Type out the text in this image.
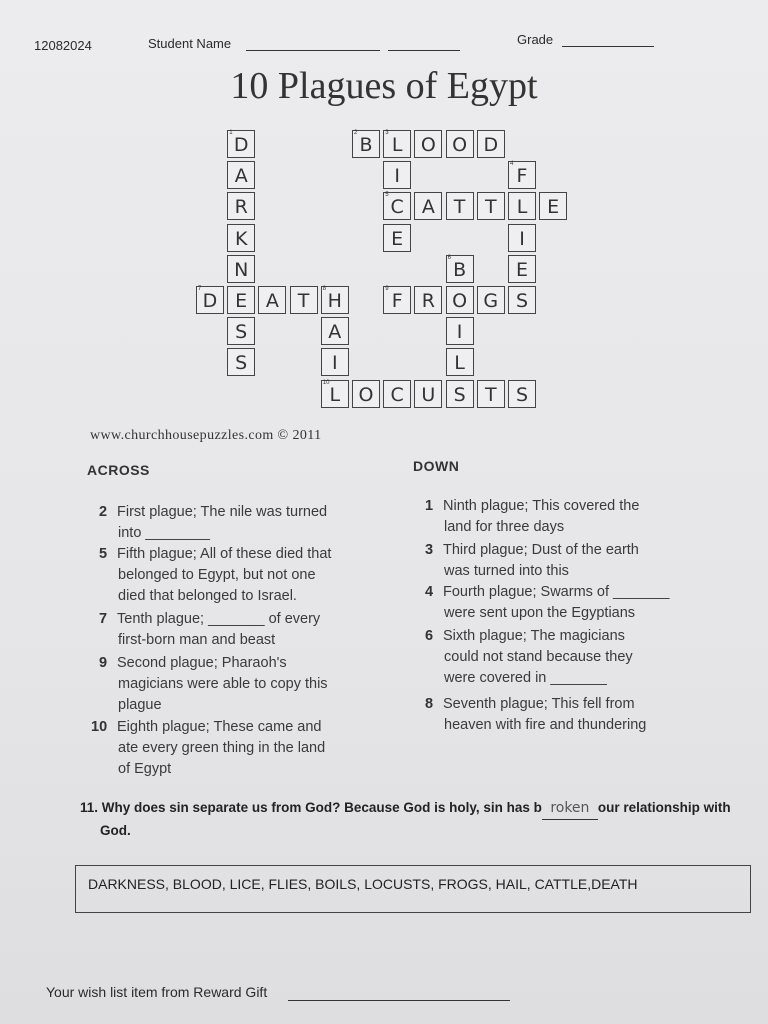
12082024	Student Name	Grade
10 Plagues of Egypt
1
D
A
R
K
N
E
S
S
7
D	A T
8
H
A
I
10
L
2
B
3
L O O D
I
5
C
E
A T	T	L	E
4
F
I
E
S
9
F	R O G
6
B
I
L
O C U S	T	S
www.churchhousepuzzles.com © 2011
ACROSS	DOWN
2 First plague; The nile was turned
into ________
5 Fifth plague; All of these died that
belonged to Egypt, but not one
died that belonged to Israel.
7 Tenth plague; _______ of every
first-born man and beast
9 Second plague; Pharaoh's
magicians were able to copy this
plague
10 Eighth plague; These came and
ate every green thing in the land
of Egypt
1 Ninth plague; This covered the
land for three days
3 Third plague; Dust of the earth
was turned into this
4 Fourth plague; Swarms of _______
were sent upon the Egyptians
6 Sixth plague; The magicians
could not stand because they
were covered in _______
8 Seventh plague; This fell from
heaven with fire and thundering
11. Why does sin separate us from God? Because God is holy, sin has b roken our relationship with
God.
DARKNESS, BLOOD, LICE, FLIES, BOILS, LOCUSTS, FROGS, HAIL, CATTLE,DEATH
Your wish list item from Reward Gift
